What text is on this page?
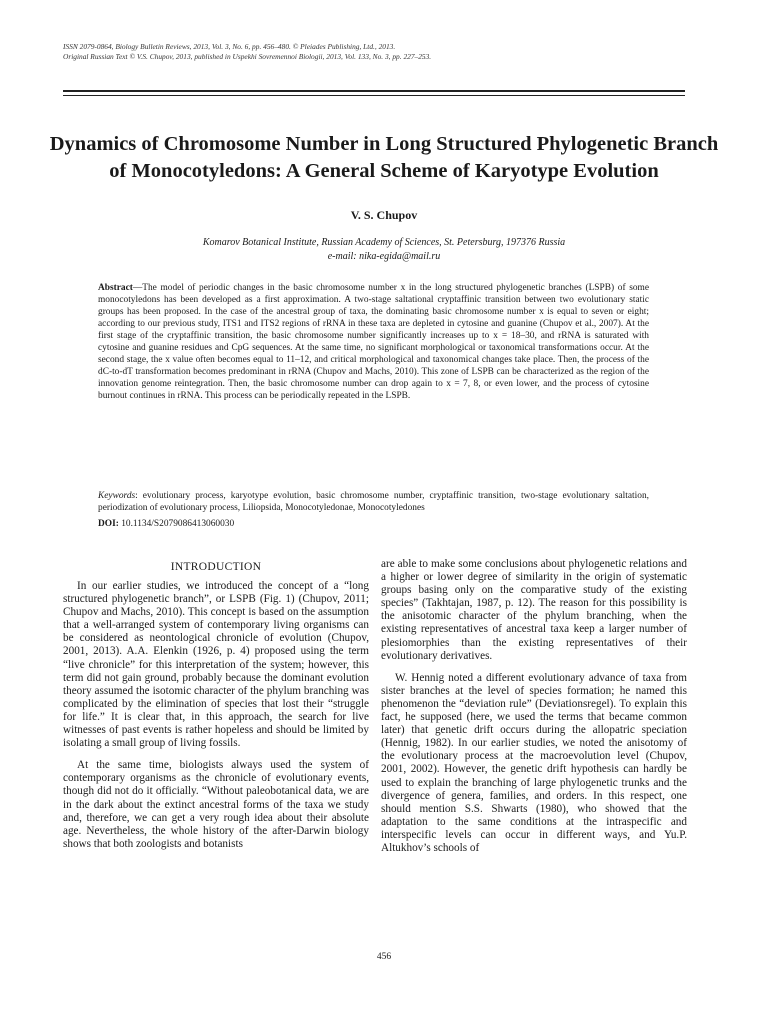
ISSN 2079-0864, Biology Bulletin Reviews, 2013, Vol. 3, No. 6, pp. 456–480. © Pleiades Publishing, Ltd., 2013.
Original Russian Text © V.S. Chupov, 2013, published in Uspekhi Sovremennoi Biologii, 2013, Vol. 133, No. 3, pp. 227–253.
Dynamics of Chromosome Number in Long Structured Phylogenetic Branch of Monocotyledons: A General Scheme of Karyotype Evolution
V. S. Chupov
Komarov Botanical Institute, Russian Academy of Sciences, St. Petersburg, 197376 Russia
e-mail: nika-egida@mail.ru

Abstract—The model of periodic changes in the basic chromosome number x in the long structured phylogenetic branches (LSPB) of some monocotyledons has been developed as a first approximation. A two-stage saltational cryptaffinic transition between two evolutionary static groups has been proposed. In the case of the ancestral group of taxa, the dominating basic chromosome number x is equal to seven or eight; according to our previous study, ITS1 and ITS2 regions of rRNA in these taxa are depleted in cytosine and guanine (Chupov et al., 2007). At the first stage of the cryptaffinic transition, the basic chromosome number significantly increases up to x = 18–30, and rRNA is saturated with cytosine and guanine residues and CpG sequences. At the same time, no significant morphological or taxonomical transformations occur. At the second stage, the x value often becomes equal to 11–12, and critical morphological and taxonomical changes take place. Then, the process of the dC-to-dT transformation becomes predominant in rRNA (Chupov and Machs, 2010). This zone of LSPB can be characterized as the region of the innovation genome reintegration. Then, the basic chromosome number can drop again to x = 7, 8, or even lower, and the process of cytosine burnout continues in rRNA. This process can be periodically repeated in the LSPB.

Keywords: evolutionary process, karyotype evolution, basic chromosome number, cryptaffinic transition, two-stage evolutionary saltation, periodization of evolutionary process, Liliopsida, Monocotyledonae, Monocotyledones

DOI: 10.1134/S2079086413060030
INTRODUCTION

In our earlier studies, we introduced the concept of a “long structured phylogenetic branch”, or LSPB (Fig. 1) (Chupov, 2011; Chupov and Machs, 2010). This concept is based on the assumption that a well-arranged system of contemporary living organisms can be considered as neontological chronicle of evolution (Chupov, 2001, 2013). A.A. Elenkin (1926, p. 4) proposed using the term “live chronicle” for this interpretation of the system; however, this term did not gain ground, probably because the dominant evolution theory assumed the isotomic character of the phylum branching was complicated by the elimination of species that lost their “struggle for life.” It is clear that, in this approach, the search for live witnesses of past events is rather hopeless and should be limited by isolating a small group of living fossils.

At the same time, biologists always used the system of contemporary organisms as the chronicle of evolutionary events, though did not do it officially. “Without paleobotanical data, we are in the dark about the extinct ancestral forms of the taxa we study and, therefore, we can get a very rough idea about their absolute age. Nevertheless, the whole history of the after-Darwin biology shows that both zoologists and botanists

are able to make some conclusions about phylogenetic relations and a higher or lower degree of similarity in the origin of systematic groups basing only on the comparative study of the existing species” (Takhtajan, 1987, p. 12). The reason for this possibility is the anisotomic character of the phylum branching, when the existing representatives of ancestral taxa keep a larger number of plesiomorphies than the existing representatives of their evolutionary derivatives.

W. Hennig noted a different evolutionary advance of taxa from sister branches at the level of species formation; he named this phenomenon the “deviation rule” (Deviationsregel). To explain this fact, he supposed (here, we used the terms that became common later) that genetic drift occurs during the allopatric speciation (Hennig, 1982). In our earlier studies, we noted the anisotomy of the evolutionary process at the macroevolution level (Chupov, 2001, 2002). However, the genetic drift hypothesis can hardly be used to explain the branching of large phylogenetic trunks and the divergence of genera, families, and orders. In this respect, one should mention S.S. Shwarts (1980), who showed that the adaptation to the same conditions at the intraspecific and interspecific levels can occur in different ways, and Yu.P. Altukhov’s schools of

456
